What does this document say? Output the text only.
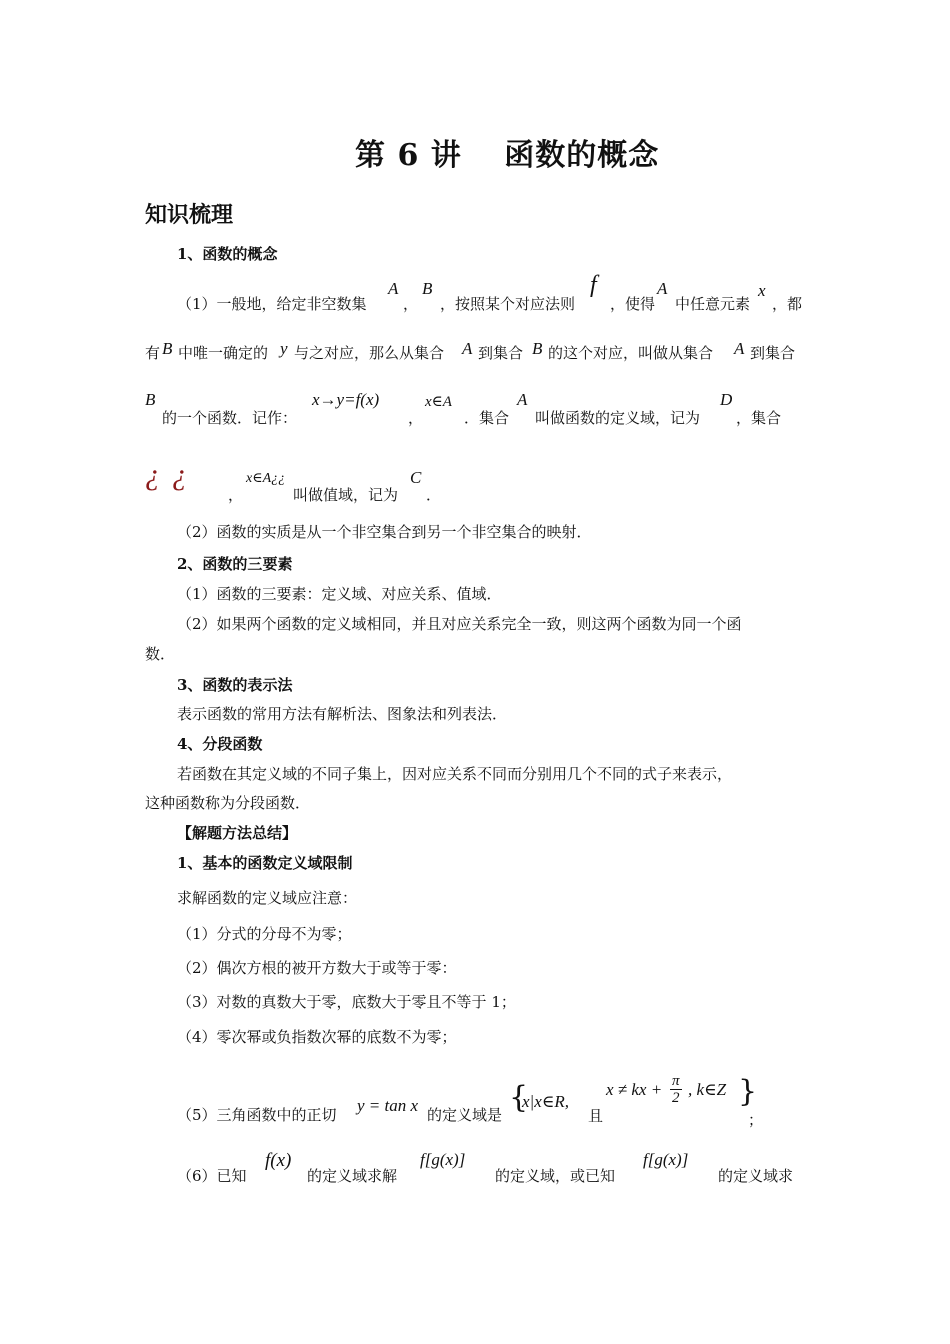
第 6 讲　 函数的概念
知识梳理
1、函数的概念
（1）一般地，给定非空数集
A
，
B
，按照某个对应法则
f
，使得
A
中任意元素
x
，都
有 B 中唯一确定的 y 与之对应，那么从集合 A 到集合 B 的这个对应，叫做从集合 A 到集合
B
的一个函数．记作：
x→y=f(x)
，
x∈A
．集合
A
叫做函数的定义域，记为
D
，集合
¿¿
，
x∈A¿¿
叫做值域，记为
C
．
（2）函数的实质是从一个非空集合到另一个非空集合的映射．
2、函数的三要素
（1）函数的三要素：定义域、对应关系、值域．
（2）如果两个函数的定义域相同，并且对应关系完全一致，则这两个函数为同一个函
数．
3、函数的表示法
表示函数的常用方法有解析法、图象法和列表法．
4、分段函数
若函数在其定义域的不同子集上，因对应关系不同而分别用几个不同的式子来表示，
这种函数称为分段函数．
【解题方法总结】
1、基本的函数定义域限制
求解函数的定义域应注意：
（1）分式的分母不为零；
（2）偶次方根的被开方数大于或等于零：
（3）对数的真数大于零，底数大于零且不等于 1；
（4）零次幂或负指数次幂的底数不为零；
（5）三角函数中的正切 y = tan x 的定义域是 {
x|x∈R,
且
x ≠ kx + $\frac{\pi}{2}$ , k∈Z }
；
（6）已知
f(x)
的定义域求解
f[g(x)]
的定义域，或已知
f[g(x)]
的定义域求
